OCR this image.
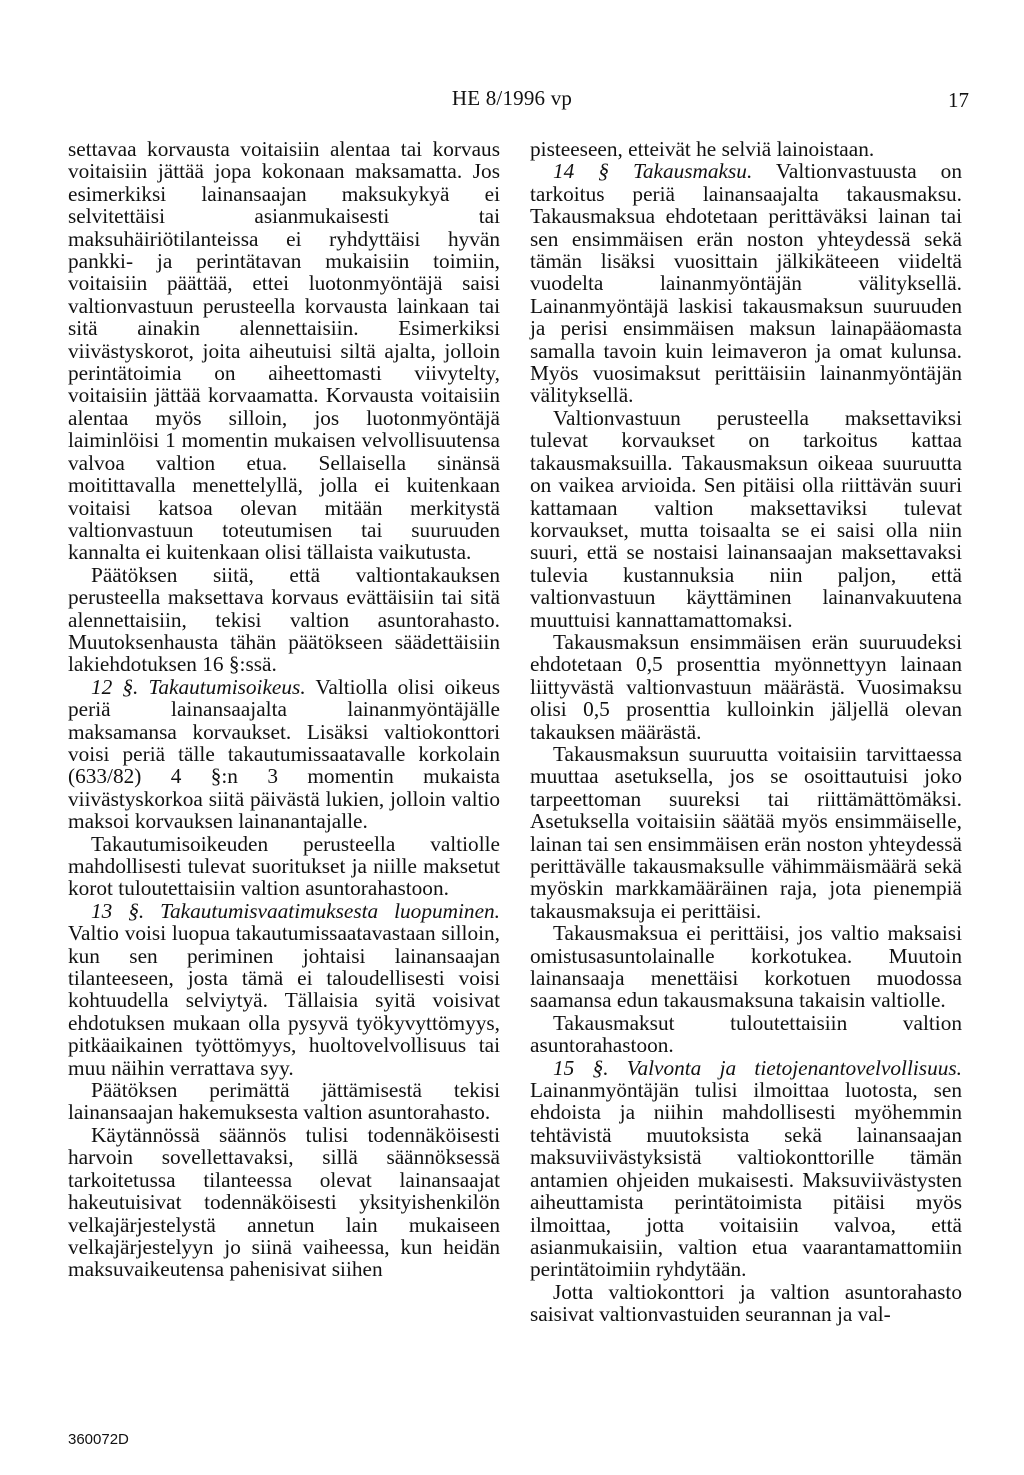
HE 8/1996 vp	17

settavaa korvausta voitaisiin alentaa tai korvaus voitaisiin jättää jopa kokonaan maksamatta. Jos esimerkiksi lainansaajan maksukykyä ei selvitettäisi asianmukaisesti tai maksuhäiriötilanteissa ei ryhdyttäisi hyvän pankki- ja perintätavan mukaisiin toimiin, voitaisiin päättää, ettei luotonmyöntäjä saisi valtionvastuun perusteella korvausta lainkaan tai sitä ainakin alennettaisiin. Esimerkiksi viivästyskorot, joita aiheutuisi siltä ajalta, jolloin perintätoimia on aiheettomasti viivytelty, voitaisiin jättää korvaamatta. Korvausta voitaisiin alentaa myös silloin, jos luotonmyöntäjä laiminlöisi 1 momentin mukaisen velvollisuutensa valvoa valtion etua. Sellaisella sinänsä moitittavalla menettelyllä, jolla ei kuitenkaan voitaisi katsoa olevan mitään merkitystä valtionvastuun toteutumisen tai suuruuden kannalta ei kuitenkaan olisi tällaista vaikutusta.

Päätöksen siitä, että valtiontakauksen perusteella maksettava korvaus evättäisiin tai sitä alennettaisiin, tekisi valtion asuntorahasto. Muutoksenhausta tähän päätökseen säädettäisiin lakiehdotuksen 16 §:ssä.

12 §. Takautumisoikeus. Valtiolla olisi oikeus periä lainansaajalta lainanmyöntäjälle maksamansa korvaukset. Lisäksi valtiokonttori voisi periä tälle takautumissaatavalle korkolain (633/82) 4 §:n 3 momentin mukaista viivästyskorkoa siitä päivästä lukien, jolloin valtio maksoi korvauksen lainanantajalle.

Takautumisoikeuden perusteella valtiolle mahdollisesti tulevat suoritukset ja niille maksetut korot tuloutettaisiin valtion asuntorahastoon.

13 §. Takautumisvaatimuksesta luopuminen. Valtio voisi luopua takautumissaatavastaan silloin, kun sen periminen johtaisi lainansaajan tilanteeseen, josta tämä ei taloudellisesti voisi kohtuudella selviytyä. Tällaisia syitä voisivat ehdotuksen mukaan olla pysyvä työkyvyttömyys, pitkäaikainen työttömyys, huoltovelvollisuus tai muu näihin verrattava syy.

Päätöksen perimättä jättämisestä tekisi lainansaajan hakemuksesta valtion asuntorahasto.

Käytännössä säännös tulisi todennäköisesti harvoin sovellettavaksi, sillä säännöksessä tarkoitetussa tilanteessa olevat lainansaajat hakeutuisivat todennäköisesti yksityishenkilön velkajärjestelystä annetun lain mukaiseen velkajärjestelyyn jo siinä vaiheessa, kun heidän maksuvaikeutensa pahenisivat siihen

pisteeseen, etteivät he selviä lainoistaan.

14 § Takausmaksu. Valtionvastuusta on tarkoitus periä lainansaajalta takausmaksu. Takausmaksua ehdotetaan perittäväksi lainan tai sen ensimmäisen erän noston yhteydessä sekä tämän lisäksi vuosittain jälkikäteeen viideltä vuodelta lainanmyöntäjän välityksellä. Lainanmyöntäjä laskisi takausmaksun suuruuden ja perisi ensimmäisen maksun lainapääomasta samalla tavoin kuin leimaveron ja omat kulunsa. Myös vuosimaksut perittäisiin lainanmyöntäjän välityksellä.

Valtionvastuun perusteella maksettaviksi tulevat korvaukset on tarkoitus kattaa takausmaksuilla. Takausmaksun oikeaa suuruutta on vaikea arvioida. Sen pitäisi olla riittävän suuri kattamaan valtion maksettaviksi tulevat korvaukset, mutta toisaalta se ei saisi olla niin suuri, että se nostaisi lainansaajan maksettavaksi tulevia kustannuksia niin paljon, että valtionvastuun käyttäminen lainanvakuutena muuttuisi kannattamattomaksi.

Takausmaksun ensimmäisen erän suuruudeksi ehdotetaan 0,5 prosenttia myönnettyyn lainaan liittyvästä valtionvastuun määrästä. Vuosimaksu olisi 0,5 prosenttia kulloinkin jäljellä olevan takauksen määrästä.

Takausmaksun suuruutta voitaisiin tarvittaessa muuttaa asetuksella, jos se osoittautuisi joko tarpeettoman suureksi tai riittämättömäksi. Asetuksella voitaisiin säätää myös ensimmäiselle, lainan tai sen ensimmäisen erän noston yhteydessä perittävälle takausmaksulle vähimmäismäärä sekä myöskin markkamääräinen raja, jota pienempiä takausmaksuja ei perittäisi.

Takausmaksua ei perittäisi, jos valtio maksaisi omistusasuntolainalle korkotukea. Muutoin lainansaaja menettäisi korkotuen muodossa saamansa edun takausmaksuna takaisin valtiolle.

Takausmaksut tuloutettaisiin valtion asuntorahastoon.

15 §. Valvonta ja tietojenantovelvollisuus. Lainanmyöntäjän tulisi ilmoittaa luotosta, sen ehdoista ja niihin mahdollisesti myöhemmin tehtävistä muutoksista sekä lainansaajan maksuviivästyksistä valtiokonttorille tämän antamien ohjeiden mukaisesti. Maksuviivästysten aiheuttamista perintätoimista pitäisi myös ilmoittaa, jotta voitaisiin valvoa, että asianmukaisiin, valtion etua vaarantamattomiin perintätoimiin ryhdytään.

Jotta valtiokonttori ja valtion asuntorahasto saisivat valtionvastuiden seurannan ja val-

360072D
